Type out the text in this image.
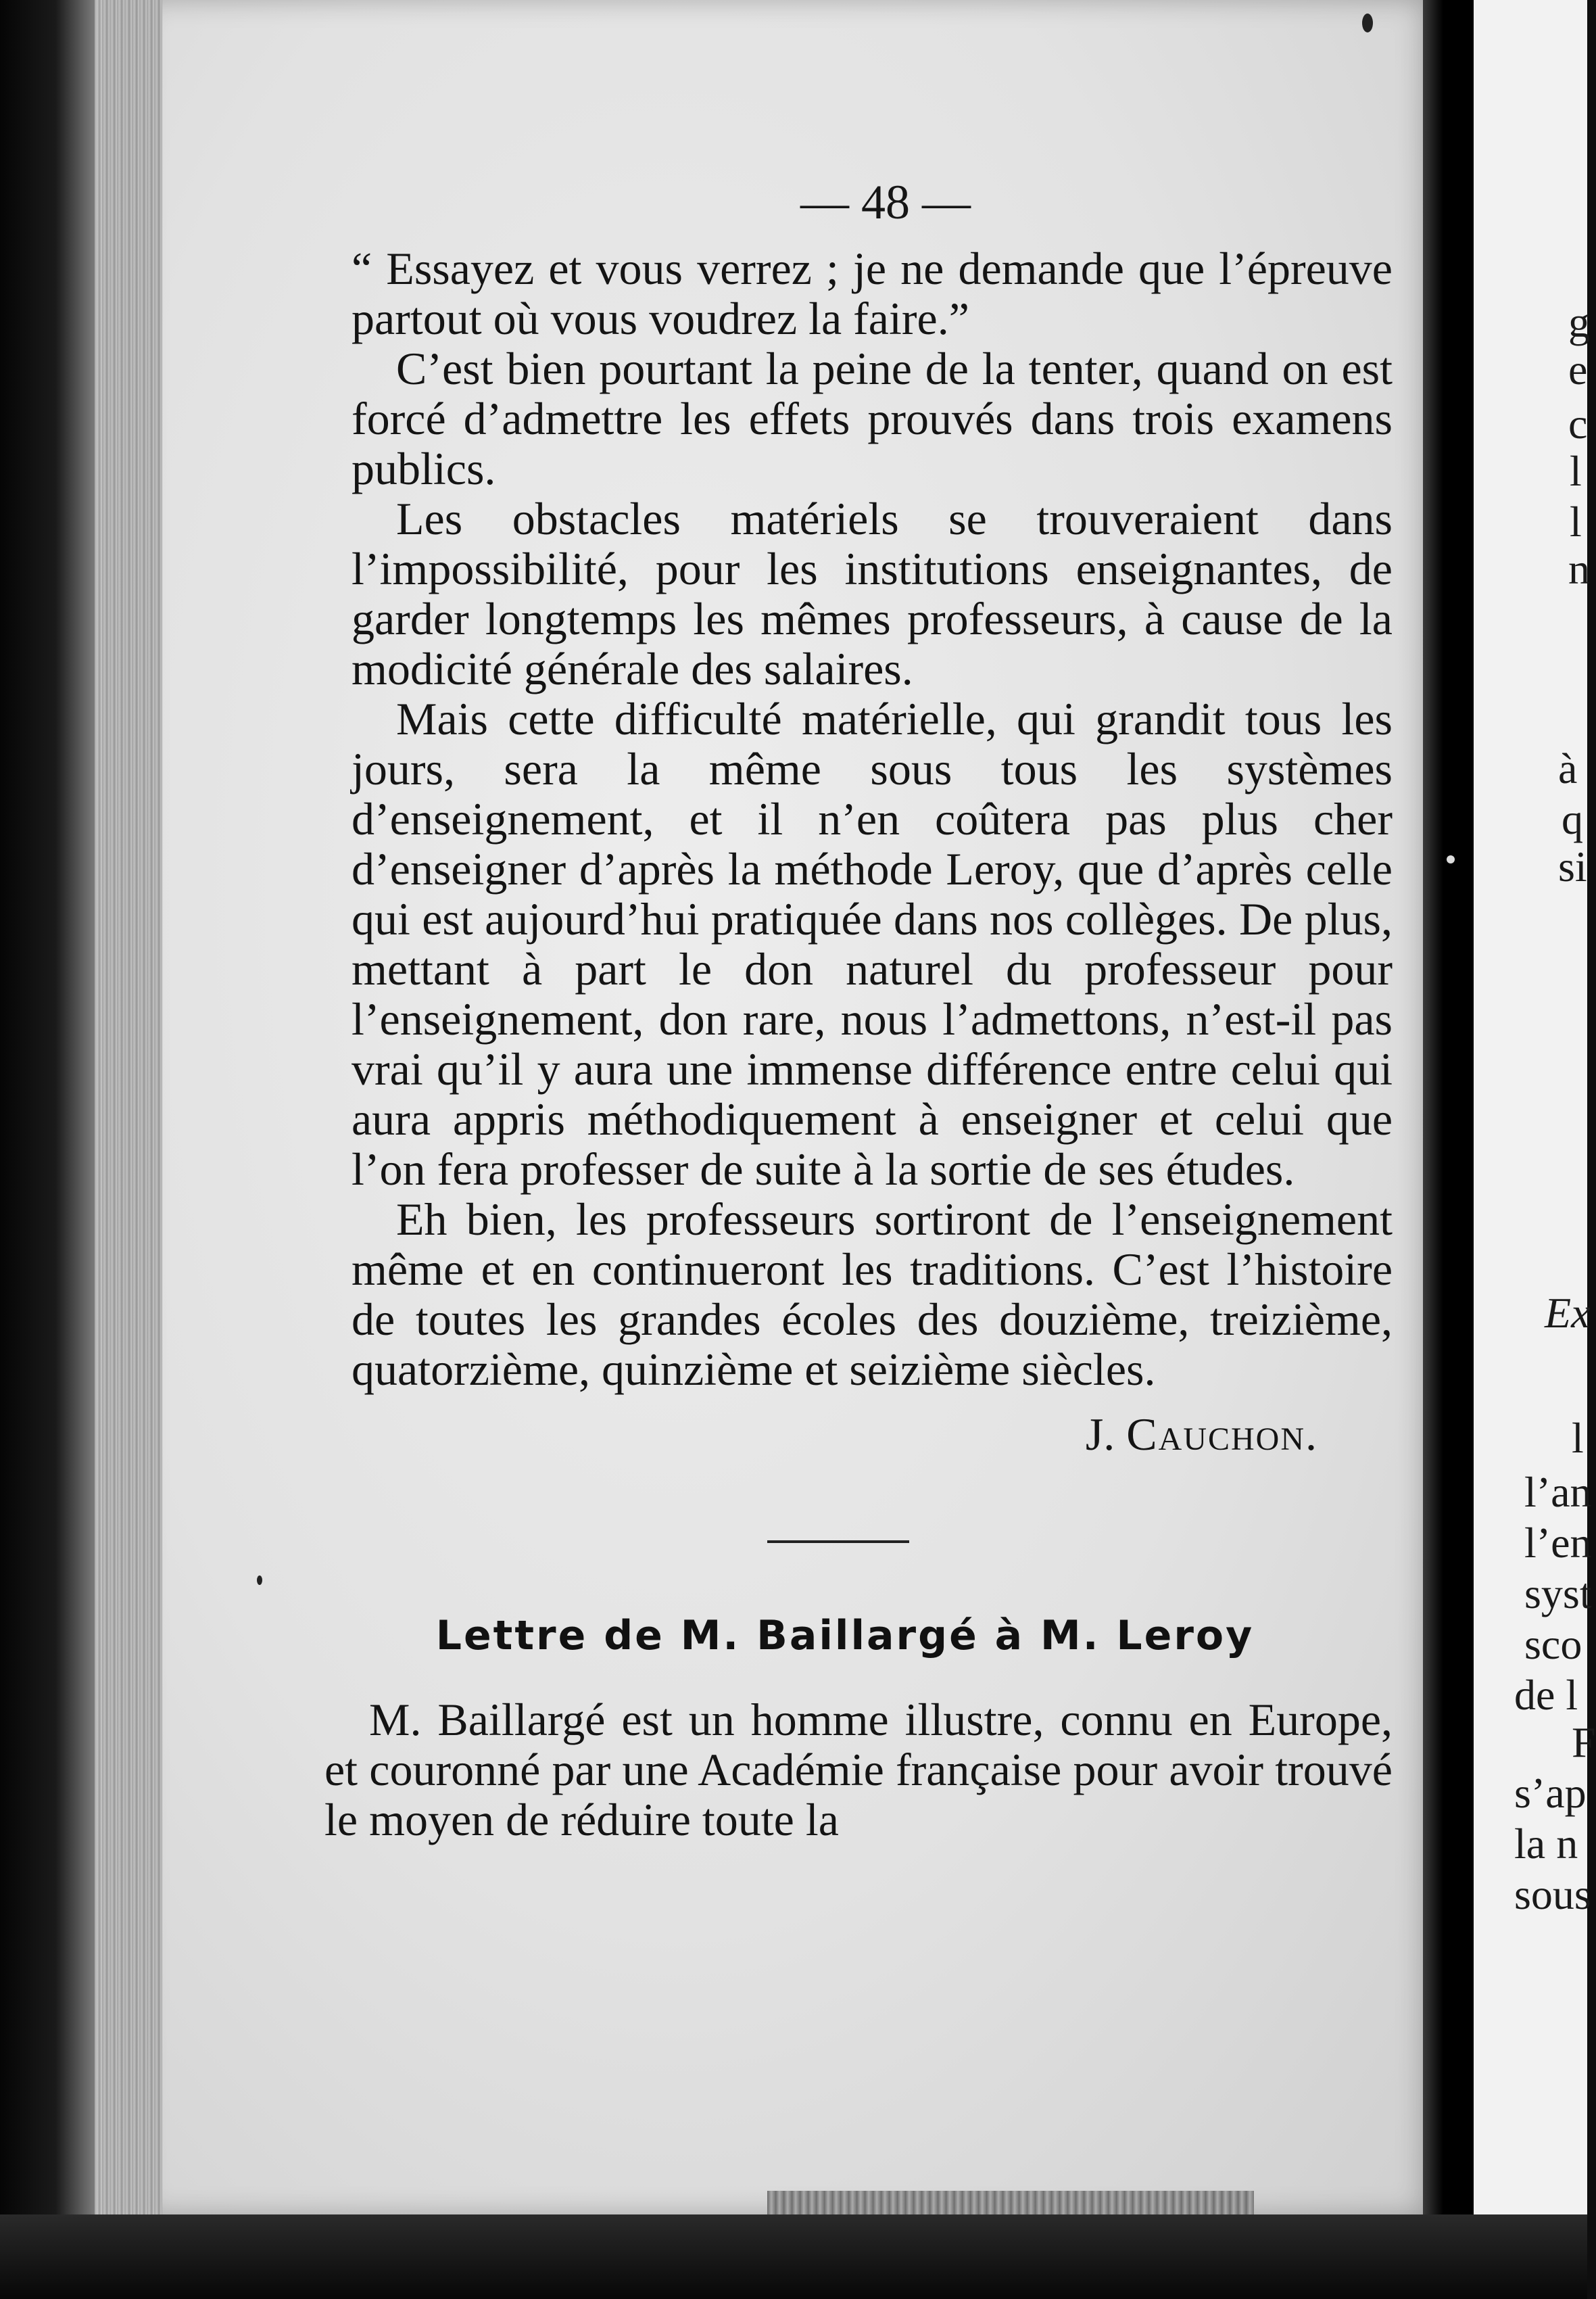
— 48 —

“ Essayez et vous verrez ; je ne demande que l’épreuve partout où vous voudrez la faire.”

C’est bien pourtant la peine de la tenter, quand on est forcé d’admettre les effets prouvés dans trois examens publics.

Les obstacles matériels se trouveraient dans l’impossibilité, pour les institutions enseignantes, de garder longtemps les mêmes professeurs, à cause de la modicité générale des salaires.

Mais cette difficulté matérielle, qui grandit tous les jours, sera la même sous tous les systèmes d’enseignement, et il n’en coûtera pas plus cher d’enseigner d’après la méthode Leroy, que d’après celle qui est aujourd’hui pratiquée dans nos collèges. De plus, mettant à part le don naturel du professeur pour l’enseignement, don rare, nous l’admettons, n’est-il pas vrai qu’il y aura une immense différence entre celui qui aura appris méthodiquement à enseigner et celui que l’on fera professer de suite à la sortie de ses études.

Eh bien, les professeurs sortiront de l’enseignement même et en continueront les traditions. C’est l’histoire de toutes les grandes écoles des douzième, treizième, quatorzième, quinzième et seizième siècles.

J. Cauchon.
Lettre de M. Baillargé à M. Leroy

M. Baillargé est un homme illustre, connu en Europe, et couronné par une Académie française pour avoir trouvé le moyen de réduire toute la

g
e
c
l
l
n
à
q
si
Ex
l
l’an
l’en
syst
sco
de l
F
s’ap
la n
sous
